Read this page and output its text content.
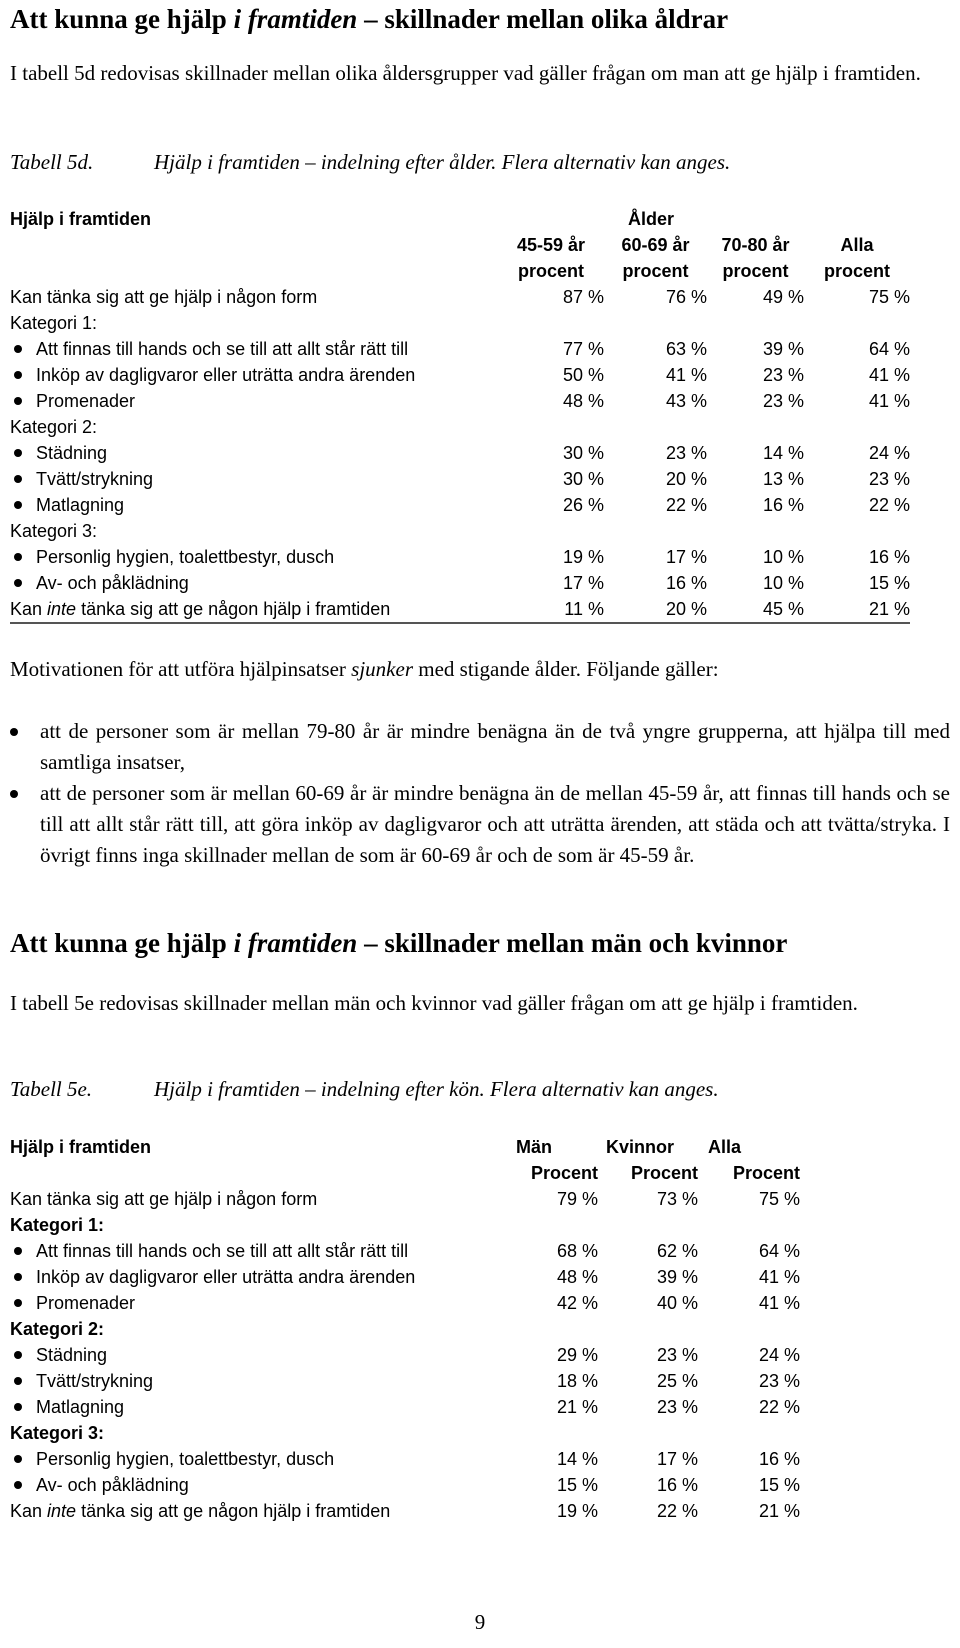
Att kunna ge hjälp i framtiden – skillnader mellan olika åldrar

I tabell 5d redovisas skillnader mellan olika åldersgrupper vad gäller frågan om man att ge hjälp i framtiden.

Tabell 5d.	Hjälp i framtiden – indelning efter ålder. Flera alternativ kan anges.

Hjälp i framtiden	Ålder			
	45-59 år	60-69 år	70-80 år	Alla
	procent	procent	procent	procent
Kan tänka sig att ge hjälp i någon form	87 %	76 %	49 %	75 %
Kategori 1:				
Att finnas till hands och se till att allt står rätt till	77 %	63 %	39 %	64 %
Inköp av dagligvaror eller uträtta andra ärenden	50 %	41 %	23 %	41 %
Promenader	48 %	43 %	23 %	41 %
Kategori 2:				
Städning	30 %	23 %	14 %	24 %
Tvätt/strykning	30 %	20 %	13 %	23 %
Matlagning	26 %	22 %	16 %	22 %
Kategori 3:				
Personlig hygien, toalettbestyr, dusch	19 %	17 %	10 %	16 %
Av- och påklädning	17 %	16 %	10 %	15 %
Kan inte tänka sig att ge någon hjälp i framtiden	11 %	20 %	45 %	21 %

Motivationen för att utföra hjälpinsatser sjunker med stigande ålder. Följande gäller:

att de personer som är mellan 79-80 år är mindre benägna än de två yngre grupperna, att hjälpa till med samtliga insatser,
att de personer som är mellan 60-69 år är mindre benägna än de mellan 45-59 år, att finnas till hands och se till att allt står rätt till, att göra inköp av dagligvaror och att uträtta ärenden, att städa och att tvätta/stryka. I övrigt finns inga skillnader mellan de som är 60-69 år och de som är 45-59 år.
Att kunna ge hjälp i framtiden – skillnader mellan män och kvinnor

I tabell 5e redovisas skillnader mellan män och kvinnor vad gäller frågan om att ge hjälp i framtiden.

Tabell 5e.	Hjälp i framtiden – indelning efter kön. Flera alternativ kan anges.

Hjälp i framtiden	Män	Kvinnor	Alla
	Procent	Procent	Procent
Kan tänka sig att ge hjälp i någon form	79 %	73 %	75 %
Kategori 1:			
Att finnas till hands och se till att allt står rätt till	68 %	62 %	64 %
Inköp av dagligvaror eller uträtta andra ärenden	48 %	39 %	41 %
Promenader	42 %	40 %	41 %
Kategori 2:			
Städning	29 %	23 %	24 %
Tvätt/strykning	18 %	25 %	23 %
Matlagning	21 %	23 %	22 %
Kategori 3:			
Personlig hygien, toalettbestyr, dusch	14 %	17 %	16 %
Av- och påklädning	15 %	16 %	15 %
Kan inte tänka sig att ge någon hjälp i framtiden	19 %	22 %	21 %
9
